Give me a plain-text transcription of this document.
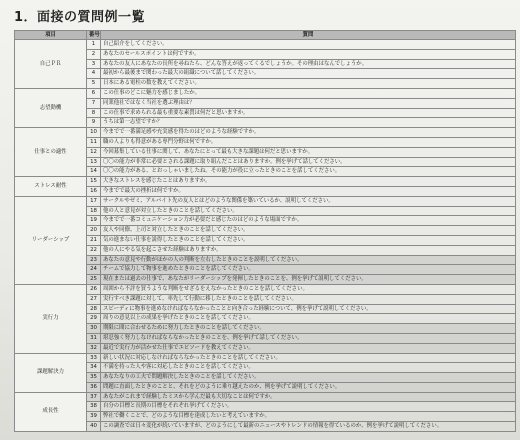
1．面接の質問例一覧
項目	番号	質問
自己ＰＲ	1	自己紹介をしてください。
	2	あなたのセールスポイントは何ですか。
	3	あなたの友人にあなたの長所を尋ねたら、どんな答えが返ってくるでしょうか。その理由はなんでしょうか。
	4	最初から最後まで関わった最大の組織について話してください。
	5	日本にある電柱の数を教えてください。
志望動機	6	この仕事のどこに魅力を感じましたか。
	7	同業他社ではなく当社を選ぶ理由は？
	8	この仕事で求められる最も重要な素質は何だと思いますか。
	9	うちは第一志望ですか？
仕事との適性	10	今までで一番満足感や充実感を得たのはどのような経験ですか。
	11	職の人よりも得意がある専門分野は何ですか。
	12	今回募集している仕事に関して、あなたにとって最も大きな課題は何だと思いますか。
	13	〇〇の能力が非常に必要とされる課題に取り組んだことはありますか。例を挙げて話してください。
	14	〇〇の能力がある、とおっしゃいましたね。その能力が役に立ったときのことを話してください。
ストレス耐性	15	大きなストレスを感じたことはありますか。
	16	今までで最大の挫折は何ですか。
リーダーシップ	17	サークルやゼミ、アルバイト先の友人とはどのような関係を築いているか、説明してください。
	18	他の人と意見が対立したときのことを話してください。
	19	今までで一番コミュニケーション力が必要だと感じたのはどのような場面ですか。
	20	友人や同僚、上司と対立したときのことを話してください。
	21	気の進まない仕事を説得したときのことを話してください。
	22	他の人にやる気を起こさせた経験はありますか。
	23	あなたの意見や行動がほかの人の判断を左右したときのことを説明してください。
	24	チームで協力して物事を進めたときのことを話してください。
	25	現在または過去の仕事で、あなたがリーダーシップを発揮したときのことを、例を挙げて説明してください。
実行力	26	周囲から不評を買うような判断をせざるをえなかったときのことを話してください。
	27	実行すべき課題に対して、率先して行動に移したときのことを話してください。
	28	スピーディに物事を進めなければならなかったことと向き合った経験について、例を挙げて説明してください。
	29	周りの意見以上の成果を挙げたときのことを話してください。
	30	期限に間に合わせるために努力したときのことを話してください。
	31	堪忍強く努力しなければならなかったときのことを、例を挙げて話してください。
	32	最近で実行力が活かせた仕事でエピソードを教えてください。
課題解決力	33	新しい状況に対応しなければならなかったときのことを話してください。
	34	不満を持った人や客に対応したときのことを話してください。
	35	あなたなりの工夫で問題解決したときのことを話してください。
	36	問題に直面したときのことと、それをどのように乗り越えたのか、例を挙げて説明してください。
成長性	37	あなたがこれまで経験したミスから学んだ最も大切なことは何ですか。
	38	自分の目標と長期の目標をそれぞれ挙げてください。
	39	弊社で働くことで、どのような目標を達成したいと考えていますか。
	40	この調査では日々変化が続いていますが、どのようにして最新のニュースやトレンドの情報を得ているのか、例を挙げて説明してください。
